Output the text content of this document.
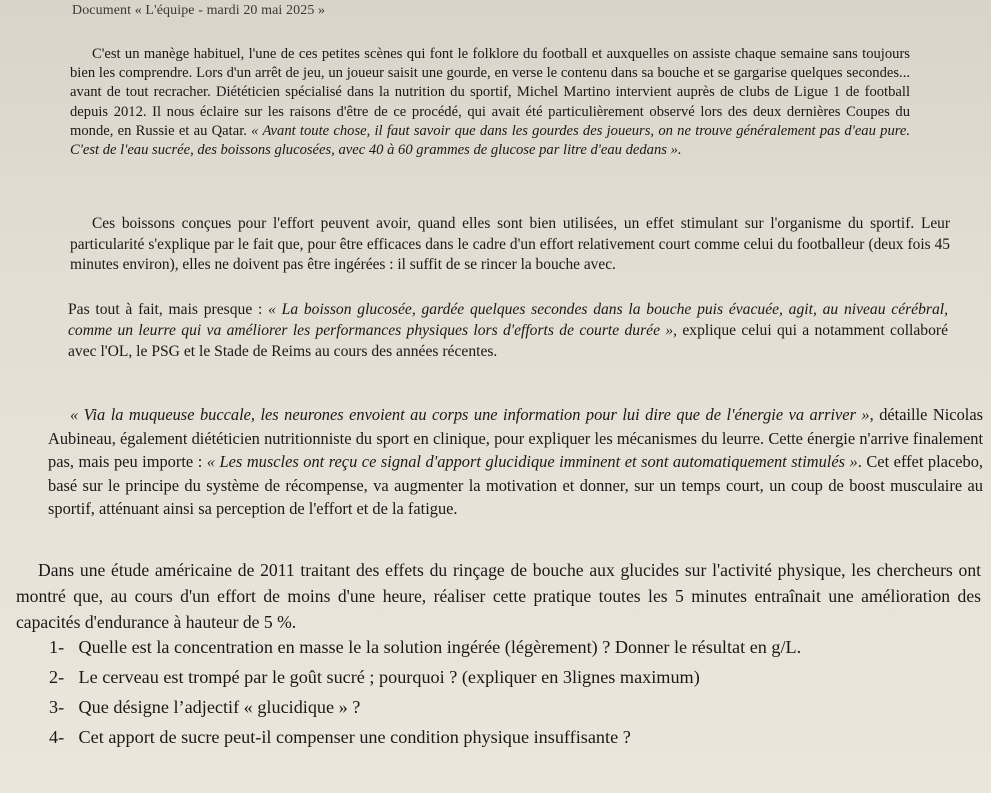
Document « L'équipe - mardi 20 mai 2025 »

C'est un manège habituel, l'une de ces petites scènes qui font le folklore du football et auxquelles on assiste chaque semaine sans toujours bien les comprendre. Lors d'un arrêt de jeu, un joueur saisit une gourde, en verse le contenu dans sa bouche et se gargarise quelques secondes... avant de tout recracher. Diététicien spécialisé dans la nutrition du sportif, Michel Martino intervient auprès de clubs de Ligue 1 de football depuis 2012. Il nous éclaire sur les raisons d'être de ce procédé, qui avait été particulièrement observé lors des deux dernières Coupes du monde, en Russie et au Qatar. « Avant toute chose, il faut savoir que dans les gourdes des joueurs, on ne trouve généralement pas d'eau pure. C'est de l'eau sucrée, des boissons glucosées, avec 40 à 60 grammes de glucose par litre d'eau dedans ».

Ces boissons conçues pour l'effort peuvent avoir, quand elles sont bien utilisées, un effet stimulant sur l'organisme du sportif. Leur particularité s'explique par le fait que, pour être efficaces dans le cadre d'un effort relativement court comme celui du footballeur (deux fois 45 minutes environ), elles ne doivent pas être ingérées : il suffit de se rincer la bouche avec.

Pas tout à fait, mais presque : « La boisson glucosée, gardée quelques secondes dans la bouche puis évacuée, agit, au niveau cérébral, comme un leurre qui va améliorer les performances physiques lors d'efforts de courte durée », explique celui qui a notamment collaboré avec l'OL, le PSG et le Stade de Reims au cours des années récentes.

« Via la muqueuse buccale, les neurones envoient au corps une information pour lui dire que de l'énergie va arriver », détaille Nicolas Aubineau, également diététicien nutritionniste du sport en clinique, pour expliquer les mécanismes du leurre. Cette énergie n'arrive finalement pas, mais peu importe : « Les muscles ont reçu ce signal d'apport glucidique imminent et sont automatiquement stimulés ». Cet effet placebo, basé sur le principe du système de récompense, va augmenter la motivation et donner, sur un temps court, un coup de boost musculaire au sportif, atténuant ainsi sa perception de l'effort et de la fatigue.

Dans une étude américaine de 2011 traitant des effets du rinçage de bouche aux glucides sur l'activité physique, les chercheurs ont montré que, au cours d'un effort de moins d'une heure, réaliser cette pratique toutes les 5 minutes entraînait une amélioration des capacités d'endurance à hauteur de 5 %.

1- Quelle est la concentration en masse le la solution ingérée (légèrement) ? Donner le résultat en g/L.

2- Le cerveau est trompé par le goût sucré ; pourquoi ? (expliquer en 3lignes maximum)

3- Que désigne l’adjectif « glucidique » ?

4- Cet apport de sucre peut-il compenser une condition physique insuffisante ?
